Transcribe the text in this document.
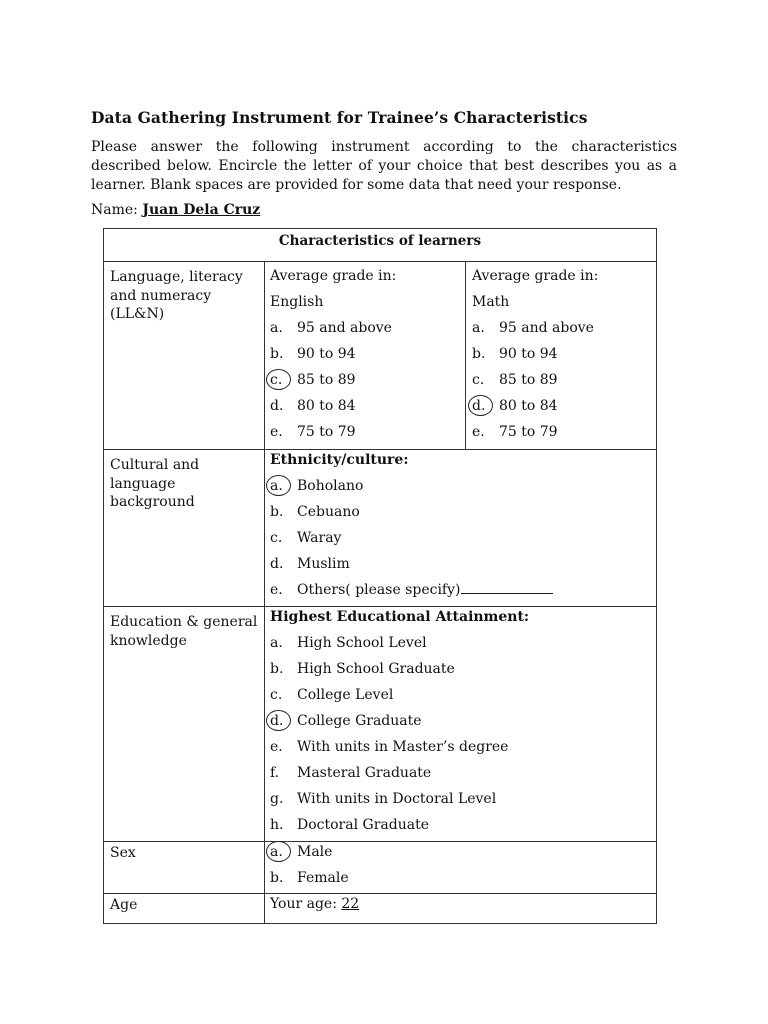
Data Gathering Instrument for Trainee’s Characteristics
Please answer the following instrument according to the characteristics described below. Encircle the letter of your choice that best describes you as a learner. Blank spaces are provided for some data that need your response.
Name: Juan Dela Cruz
Characteristics of learners
Language, literacy and numeracy (LL&N)
Average grade in:
English
a. 95 and above
b. 90 to 94
c. 85 to 89
d. 80 to 84
e. 75 to 79
Average grade in:
Math
a. 95 and above
b. 90 to 94
c. 85 to 89
d. 80 to 84
e. 75 to 79
Cultural and language background
Ethnicity/culture:
a. Boholano
b. Cebuano
c. Waray
d. Muslim
e. Others( please specify)
Education & general knowledge
Highest Educational Attainment:
a. High School Level
b. High School Graduate
c. College Level
d. College Graduate
e. With units in Master’s degree
f. Masteral Graduate
g. With units in Doctoral Level
h. Doctoral Graduate
Sex	a. Male
b. Female
Age	Your age: 22
